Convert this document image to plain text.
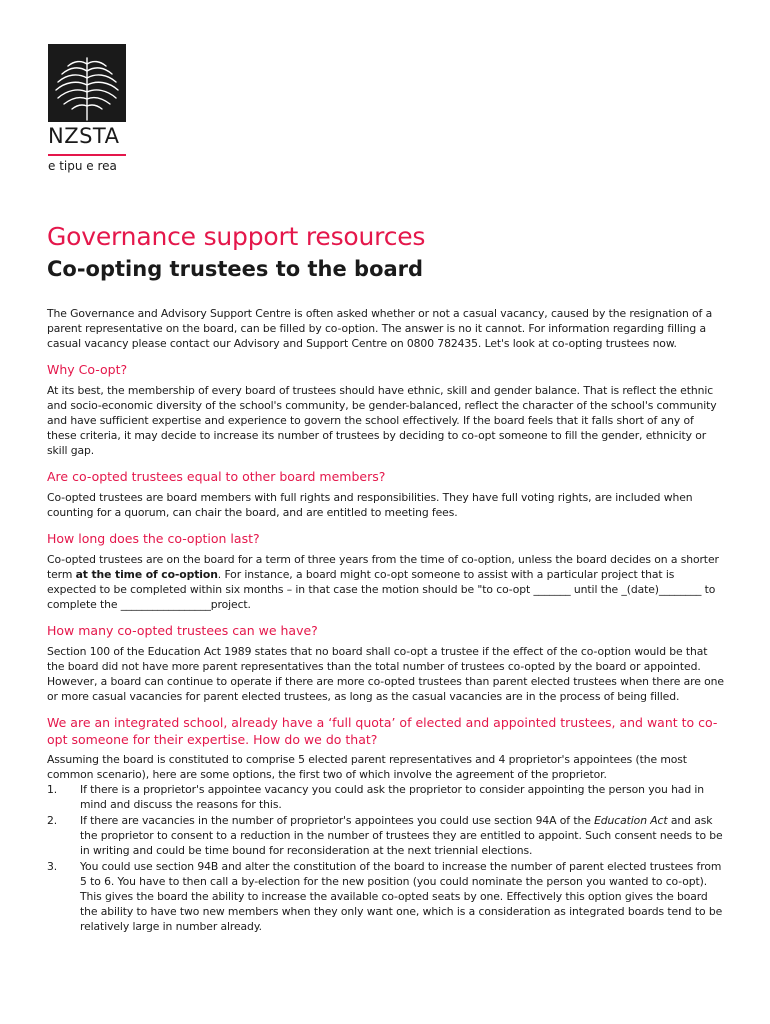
NZSTA
e tipu e rea
Governance support resources
Co-opting trustees to the board

The Governance and Advisory Support Centre is often asked whether or not a casual vacancy, caused by the resignation of a parent representative on the board, can be filled by co-option. The answer is no it cannot. For information regarding filling a casual vacancy please contact our Advisory and Support Centre on 0800 782435. Let's look at co-opting trustees now.

Why Co-opt?

At its best, the membership of every board of trustees should have ethnic, skill and gender balance. That is reflect the ethnic and socio-economic diversity of the school's community, be gender-balanced, reflect the character of the school's community and have sufficient expertise and experience to govern the school effectively. If the board feels that it falls short of any of these criteria, it may decide to increase its number of trustees by deciding to co-opt someone to fill the gender, ethnicity or skill gap.

Are co-opted trustees equal to other board members?

Co-opted trustees are board members with full rights and responsibilities. They have full voting rights, are included when counting for a quorum, can chair the board, and are entitled to meeting fees.

How long does the co-option last?

Co-opted trustees are on the board for a term of three years from the time of co-option, unless the board decides on a shorter term at the time of co-option. For instance, a board might co-opt someone to assist with a particular project that is expected to be completed within six months – in that case the motion should be "to co-opt _______ until the _(date)________ to complete the _________________project.

How many co-opted trustees can we have?

Section 100 of the Education Act 1989 states that no board shall co-opt a trustee if the effect of the co-option would be that the board did not have more parent representatives than the total number of trustees co-opted by the board or appointed. However, a board can continue to operate if there are more co-opted trustees than parent elected trustees when there are one or more casual vacancies for parent elected trustees, as long as the casual vacancies are in the process of being filled.

We are an integrated school, already have a ‘full quota’ of elected and appointed trustees, and want to co-opt someone for their expertise. How do we do that?

Assuming the board is constituted to comprise 5 elected parent representatives and 4 proprietor's appointees (the most common scenario), here are some options, the first two of which involve the agreement of the proprietor.

1.	If there is a proprietor's appointee vacancy you could ask the proprietor to consider appointing the person you had in mind and discuss the reasons for this.
2.	If there are vacancies in the number of proprietor's appointees you could use section 94A of the Education Act and ask the proprietor to consent to a reduction in the number of trustees they are entitled to appoint. Such consent needs to be in writing and could be time bound for reconsideration at the next triennial elections.
3.	You could use section 94B and alter the constitution of the board to increase the number of parent elected trustees from 5 to 6. You have to then call a by-election for the new position (you could nominate the person you wanted to co-opt). This gives the board the ability to increase the available co-opted seats by one. Effectively this option gives the board the ability to have two new members when they only want one, which is a consideration as integrated boards tend to be relatively large in number already.
